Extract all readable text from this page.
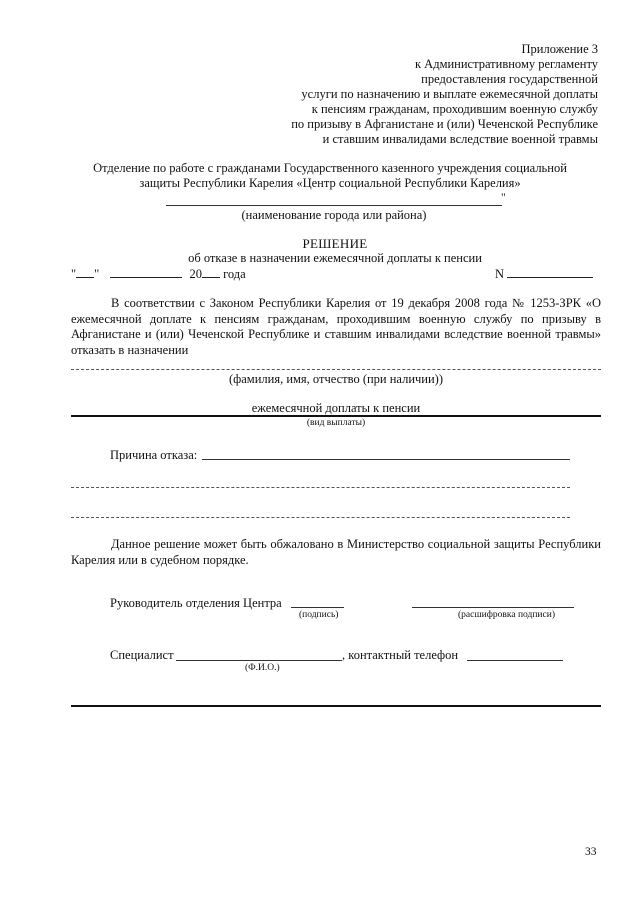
Приложение 3
к Административному регламенту
предоставления государственной
услуги по назначению и выплате ежемесячной доплаты
к пенсиям гражданам, проходившим военную службу
по призыву в Афганистане и (или) Чеченской Республике
и ставшим инвалидами вследствие военной травмы
Отделение по работе с гражданами Государственного казенного учреждения социальной
защиты Республики Карелия «Центр социальной Республики Карелия»
"
(наименование города или района)
РЕШЕНИЕ
об отказе в назначении ежемесячной доплаты к пенсии
" "	20 года	N
В соответствии с Законом Республики Карелия от 19 декабря 2008 года № 1253-ЗРК «О ежемесячной доплате к пенсиям гражданам, проходившим военную службу по призыву в Афганистане и (или) Чеченской Республике и ставшим инвалидами вследствие военной травмы» отказать в назначении
(фамилия, имя, отчество (при наличии))
ежемесячной доплаты к пенсии
(вид выплаты)
Причина отказа:
Данное решение может быть обжаловано в Министерство социальной защиты Республики Карелия или в судебном порядке.
Руководитель отделения Центра
(подпись)	(расшифровка подписи)
Специалист	, контактный телефон
(Ф.И.О.)
33
